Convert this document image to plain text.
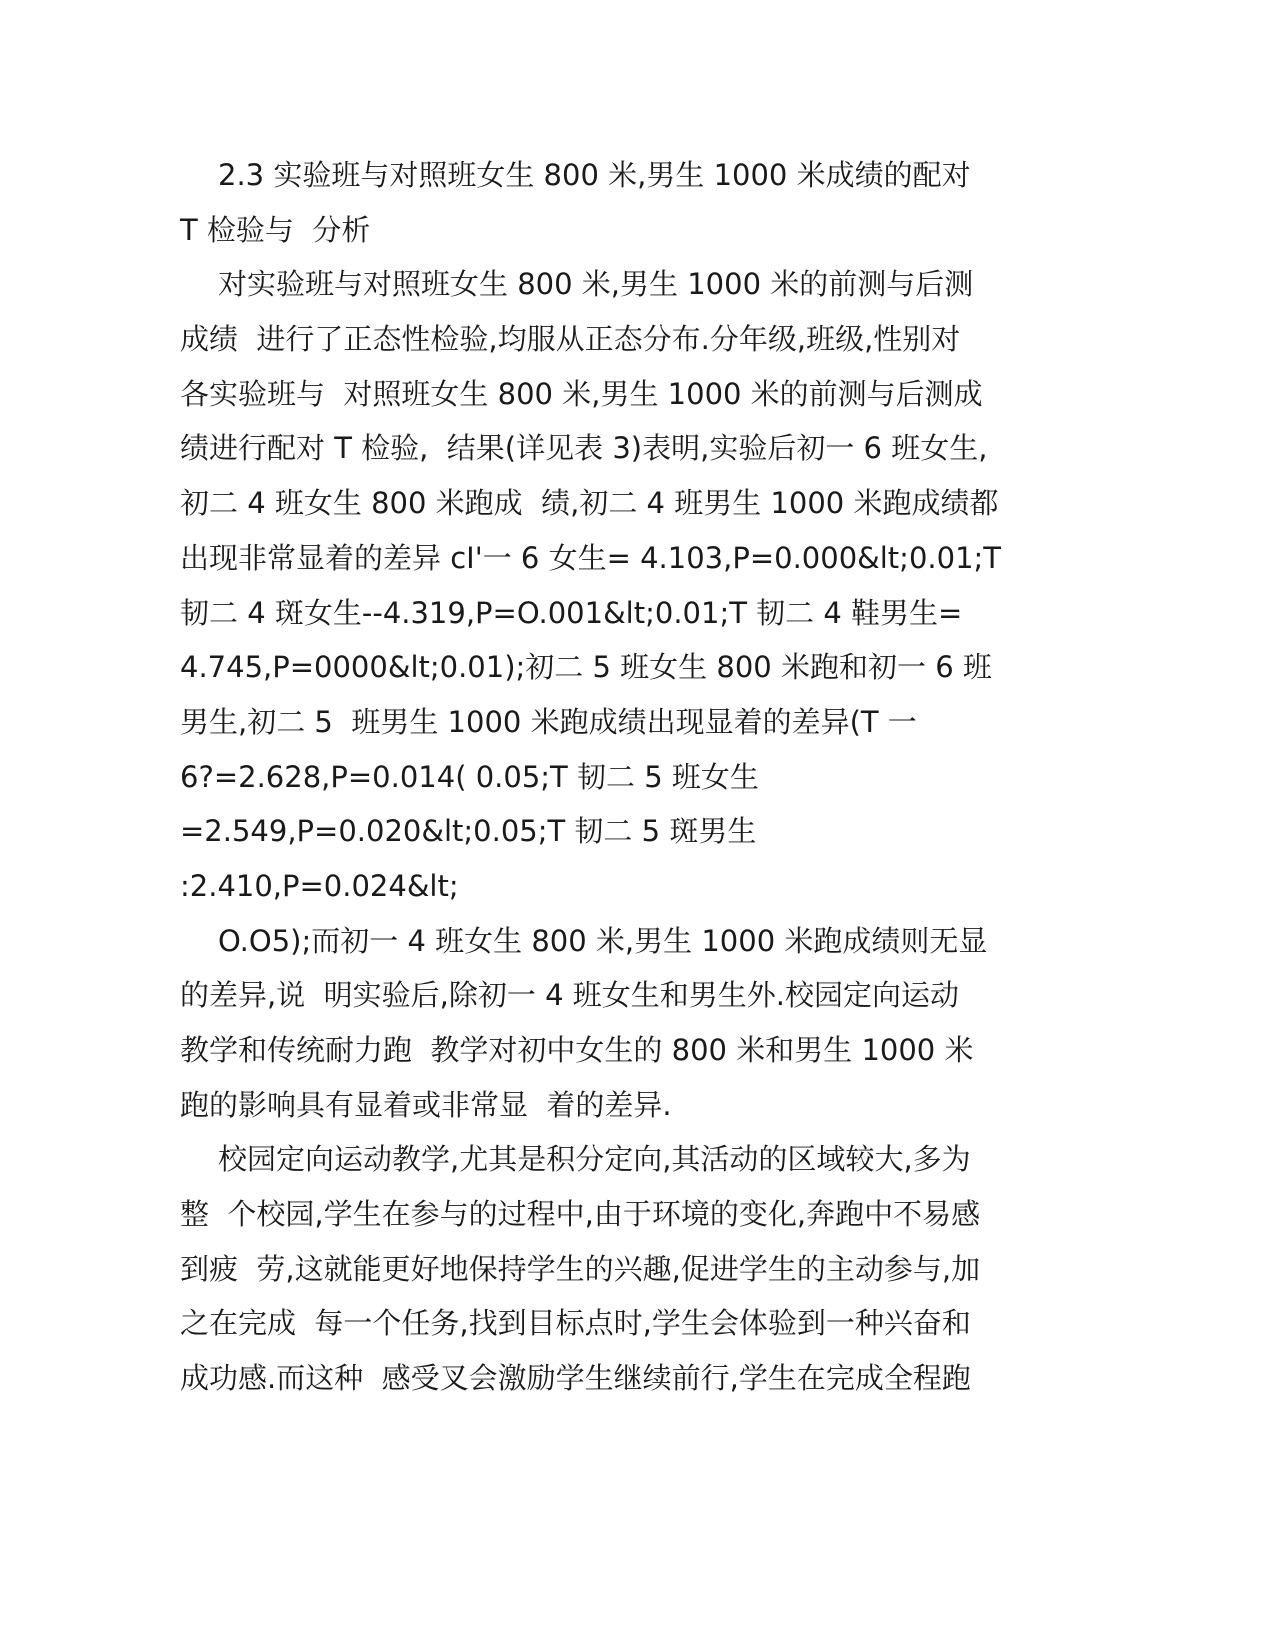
2.3 实验班与对照班女生 800 米,男生 1000 米成绩的配对
T 检验与  分析
对实验班与对照班女生 800 米,男生 1000 米的前测与后测
成绩  进行了正态性检验,均服从正态分布.分年级,班级,性别对
各实验班与  对照班女生 800 米,男生 1000 米的前测与后测成
绩进行配对 T 检验,  结果(详见表 3)表明,实验后初一 6 班女生,
初二 4 班女生 800 米跑成  绩,初二 4 班男生 1000 米跑成绩都
出现非常显着的差异 cI'一 6 女生= 4.103,P=0.000&lt;0.01;T
韧二 4 斑女生--4.319,P=O.001&lt;0.01;T 韧二 4 鞋男生=
4.745,P=0000&lt;0.01);初二 5 班女生 800 米跑和初一 6 班
男生,初二 5  班男生 1000 米跑成绩出现显着的差异(T 一
6?=2.628,P=0.014( 0.05;T 韧二 5 班女生
=2.549,P=0.020&lt;0.05;T 韧二 5 斑男生
:2.410,P=0.024&lt;
O.O5);而初一 4 班女生 800 米,男生 1000 米跑成绩则无显
的差异,说  明实验后,除初一 4 班女生和男生外.校园定向运动
教学和传统耐力跑  教学对初中女生的 800 米和男生 1000 米
跑的影响具有显着或非常显  着的差异.
校园定向运动教学,尤其是积分定向,其活动的区域较大,多为
整  个校园,学生在参与的过程中,由于环境的变化,奔跑中不易感
到疲  劳,这就能更好地保持学生的兴趣,促进学生的主动参与,加
之在完成  每一个任务,找到目标点时,学生会体验到一种兴奋和
成功感.而这种  感受叉会激励学生继续前行,学生在完成全程跑
